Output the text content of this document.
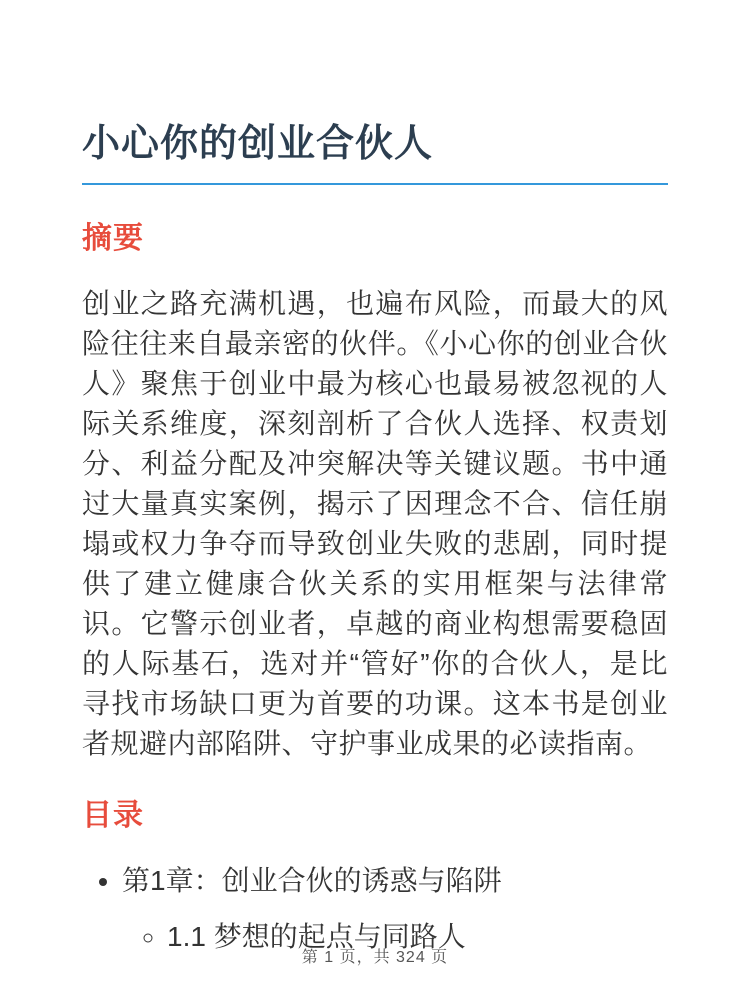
小心你的创业合伙人
摘要

创业之路充满机遇，也遍布风险，而最大的风险往往来自最亲密的伙伴。《小心你的创业合伙人》聚焦于创业中最为核心也最易被忽视的人际关系维度，深刻剖析了合伙人选择、权责划分、利益分配及冲突解决等关键议题。书中通过大量真实案例，揭示了因理念不合、信任崩塌或权力争夺而导致创业失败的悲剧，同时提供了建立健康合伙关系的实用框架与法律常识。它警示创业者，卓越的商业构想需要稳固的人际基石，选对并“管好”你的合伙人，是比寻找市场缺口更为首要的功课。这本书是创业者规避内部陷阱、守护事业成果的必读指南。

目录
• 第1章：创业合伙的诱惑与陷阱
◦ 1.1 梦想的起点与同路人
第 1 页，共 324 页
